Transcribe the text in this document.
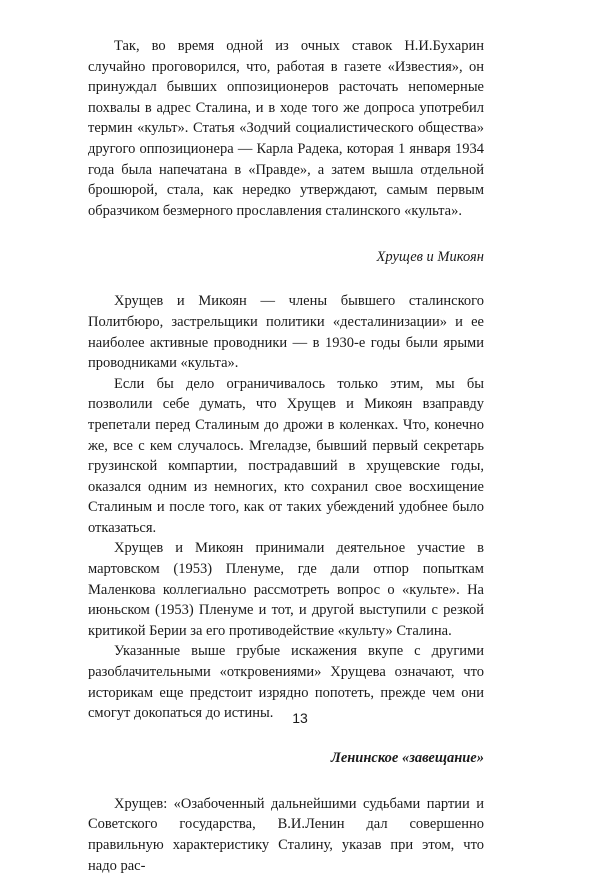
Так, во время одной из очных ставок Н.И.Бухарин случайно проговорился, что, работая в газете «Известия», он принуждал бывших оппозиционеров расточать непомерные похвалы в адрес Сталина, и в ходе того же допроса употребил термин «культ». Статья «Зодчий социалистического общества» другого оппозиционера — Карла Радека, которая 1 января 1934 года была напечатана в «Правде», а затем вышла отдельной брошюрой, стала, как нередко утверждают, самым первым образчиком безмерного прославления сталинского «культа».

Хрущев и Микоян

Хрущев и Микоян — члены бывшего сталинского Политбюро, застрельщики политики «десталинизации» и ее наиболее активные проводники — в 1930-е годы были ярыми проводниками «культа».

Если бы дело ограничивалось только этим, мы бы позволили себе думать, что Хрущев и Микоян взаправду трепетали перед Сталиным до дрожи в коленках. Что, конечно же, все с кем случалось. Мгеладзе, бывший первый секретарь грузинской компартии, пострадавший в хрущевские годы, оказался одним из немногих, кто сохранил свое восхищение Сталиным и после того, как от таких убеждений удобнее было отказаться.

Хрущев и Микоян принимали деятельное участие в мартовском (1953) Пленуме, где дали отпор попыткам Маленкова коллегиально рассмотреть вопрос о «культе». На июньском (1953) Пленуме и тот, и другой выступили с резкой критикой Берии за его противодействие «культу» Сталина.

Указанные выше грубые искажения вкупе с другими разоблачительными «откровениями» Хрущева означают, что историкам еще предстоит изрядно попотеть, прежде чем они смогут докопаться до истины.

Ленинское «завещание»

Хрущев: «Озабоченный дальнейшими судьбами партии и Советского государства, В.И.Ленин дал совершенно правильную характеристику Сталину, указав при этом, что надо рас-

13
